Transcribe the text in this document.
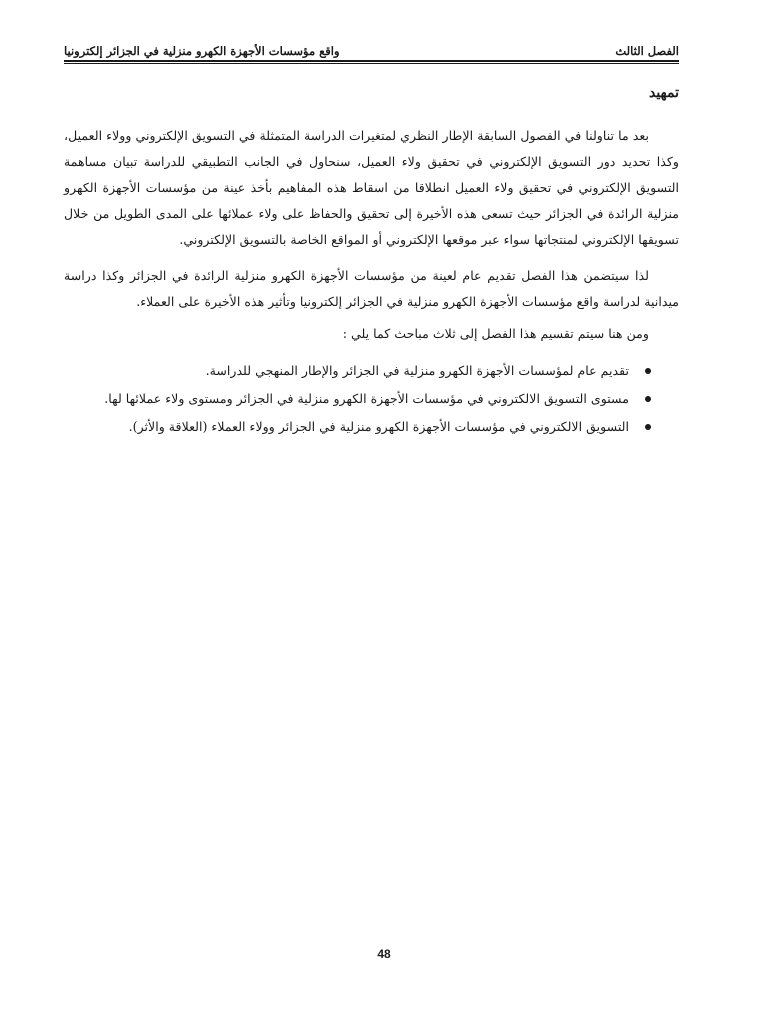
الفصل الثالث
واقع مؤسسات الأجهزة الكهرو منزلية في الجزائر إلكترونيا
تمهيد

بعد ما تناولنا في الفصول السابقة الإطار النظري لمتغيرات الدراسة المتمثلة في التسويق الإلكتروني وولاء العميل، وكذا تحديد دور التسويق الإلكتروني في تحقيق ولاء العميل، سنحاول في الجانب التطبيقي للدراسة تبيان مساهمة التسويق الإلكتروني في تحقيق ولاء العميل انطلاقا من اسقاط هذه المفاهيم بأخذ عينة من مؤسسات الأجهزة الكهرو منزلية الرائدة في الجزائر حيث تسعى هذه الأخيرة إلى تحقيق والحفاظ على ولاء عملائها على المدى الطويل من خلال تسويقها الإلكتروني لمنتجاتها سواء عبر موقعها الإلكتروني أو المواقع الخاصة بالتسويق الإلكتروني.

لذا سيتضمن هذا الفصل تقديم عام لعينة من مؤسسات الأجهزة الكهرو منزلية الرائدة في الجزائر وكذا دراسة ميدانية لدراسة واقع مؤسسات الأجهزة الكهرو منزلية في الجزائر إلكترونيا وتأثير هذه الأخيرة على العملاء.

ومن هنا سيتم تقسيم هذا الفصل إلى ثلاث مباحث كما يلي :

تقديم عام لمؤسسات الأجهزة الكهرو منزلية في الجزائر والإطار المنهجي للدراسة.
مستوى التسويق الالكتروني في مؤسسات الأجهزة الكهرو منزلية في الجزائر ومستوى ولاء عملائها لها.
التسويق الالكتروني في مؤسسات الأجهزة الكهرو منزلية في الجزائر وولاء العملاء (العلاقة والأثر).
48
